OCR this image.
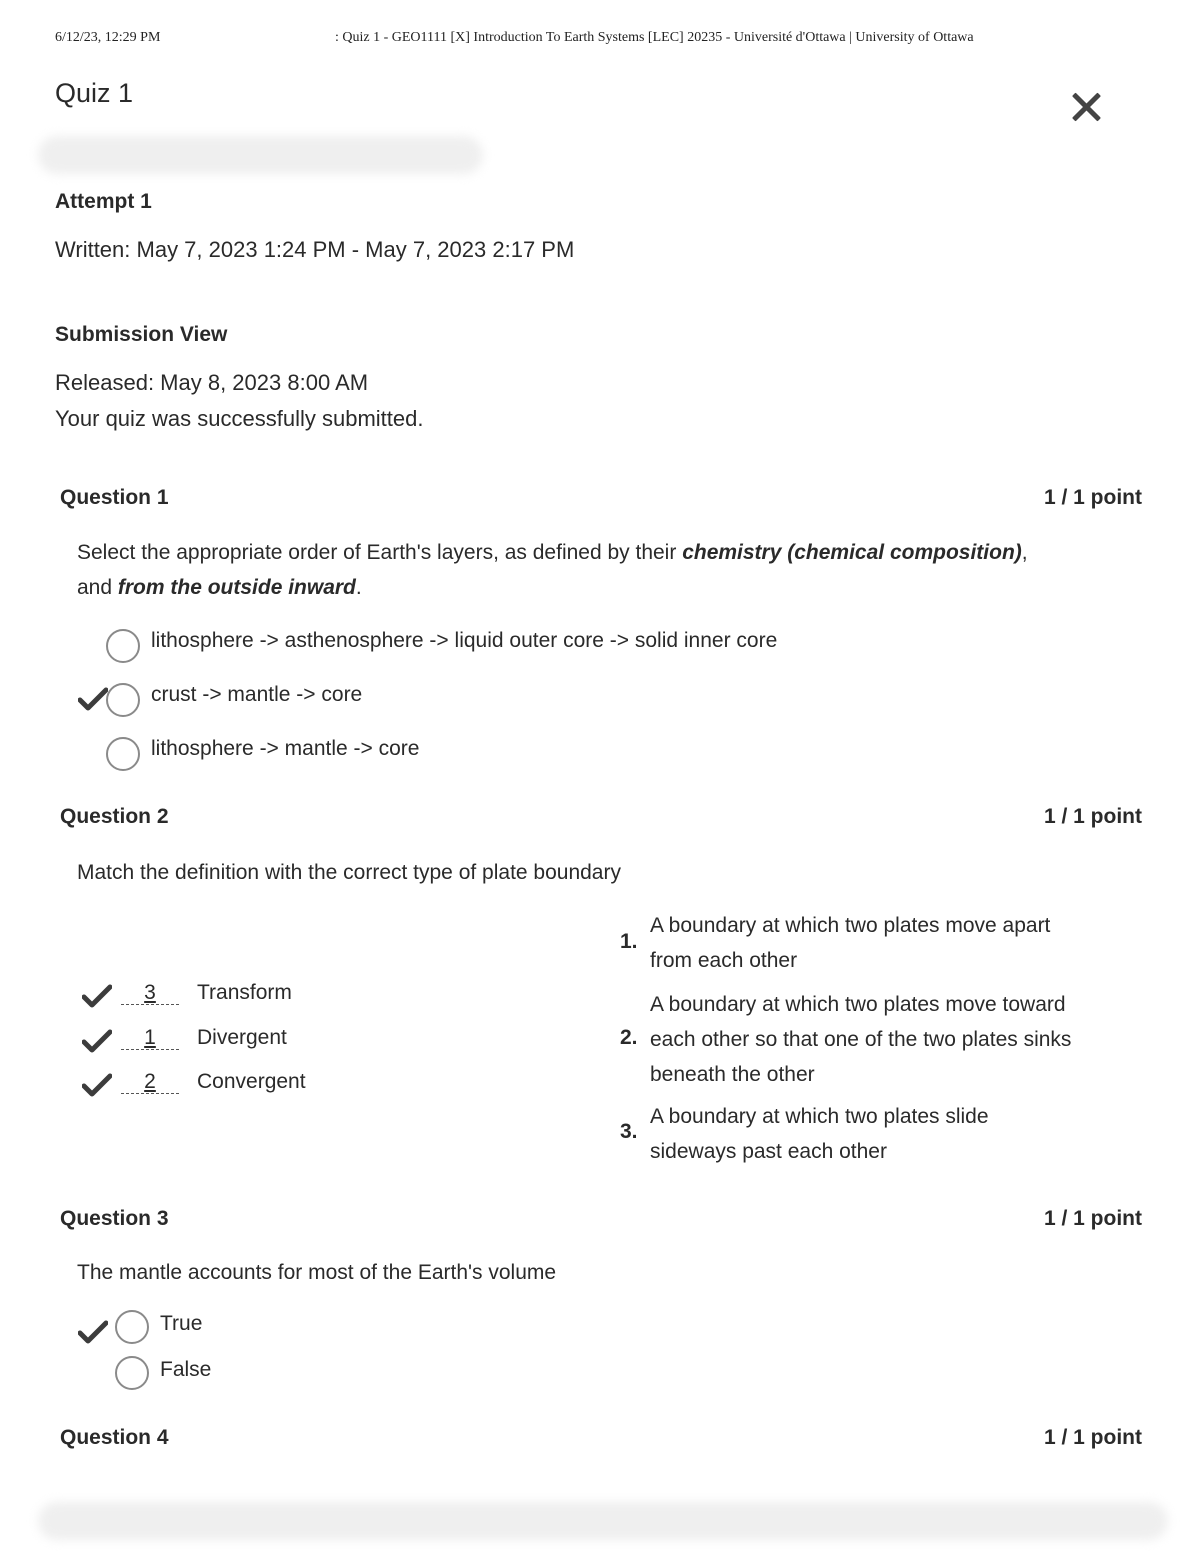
6/12/23, 12:29 PM	: Quiz 1 - GEO1111 [X] Introduction To Earth Systems [LEC] 20235 - Université d'Ottawa | University of Ottawa
Quiz 1
Attempt 1
Written: May 7, 2023 1:24 PM - May 7, 2023 2:17 PM
Submission View
Released: May 8, 2023 8:00 AM
Your quiz was successfully submitted.
Question 1	1 / 1 point
Select the appropriate order of Earth's layers, as defined by their chemistry (chemical composition),
and from the outside inward.
lithosphere -> asthenosphere -> liquid outer core -> solid inner core
crust -> mantle -> core
lithosphere -> mantle -> core
Question 2	1 / 1 point
Match the definition with the correct type of plate boundary
3	Transform
1	Divergent
2	Convergent
1.
A boundary at which two plates move apart
from each other
2.
A boundary at which two plates move toward
each other so that one of the two plates sinks
beneath the other
3.
A boundary at which two plates slide
sideways past each other
Question 3	1 / 1 point
The mantle accounts for most of the Earth's volume
True
False
Question 4	1 / 1 point
